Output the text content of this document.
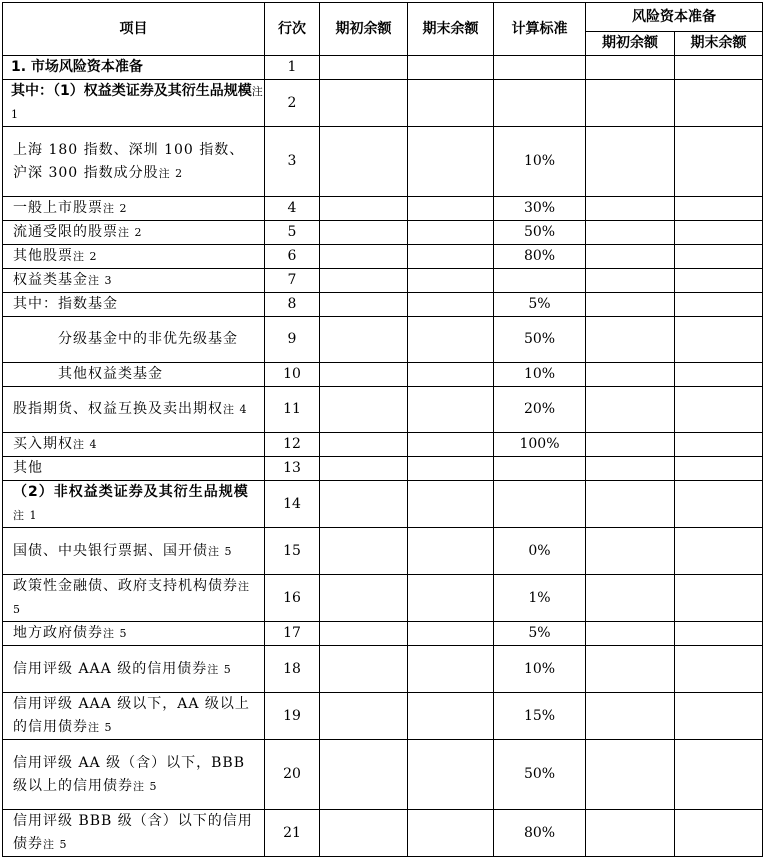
项目	行次	期初余额	期末余额	计算标准	风险资本准备	
					期初余额	期末余额
1. 市场风险资本准备	1					
其中：（1）权益类证券及其衍生品规模注 1	2					
上海 180 指数、深圳 100 指数、沪深 300 指数成分股注 2	3			10%		
一般上市股票注 2	4			30%		
流通受限的股票注 2	5			50%		
其他股票注 2	6			80%		
权益类基金注 3	7					
其中：指数基金	8			5%		
分级基金中的非优先级基金	9			50%		
其他权益类基金	10			10%		
股指期货、权益互换及卖出期权注 4	11			20%		
买入期权注 4	12			100%		
其他	13					
（2）非权益类证券及其衍生品规模注 1	14					
国债、中央银行票据、国开债注 5	15			0%		
政策性金融债、政府支持机构债券注 5	16			1%		
地方政府债券注 5	17			5%		
信用评级 AAA 级的信用债券注 5	18			10%		
信用评级 AAA 级以下，AA 级以上的信用债券注 5	19			15%		
信用评级 AA 级（含）以下，BBB 级以上的信用债券注 5	20			50%		
信用评级 BBB 级（含）以下的信用债券注 5	21			80%		
